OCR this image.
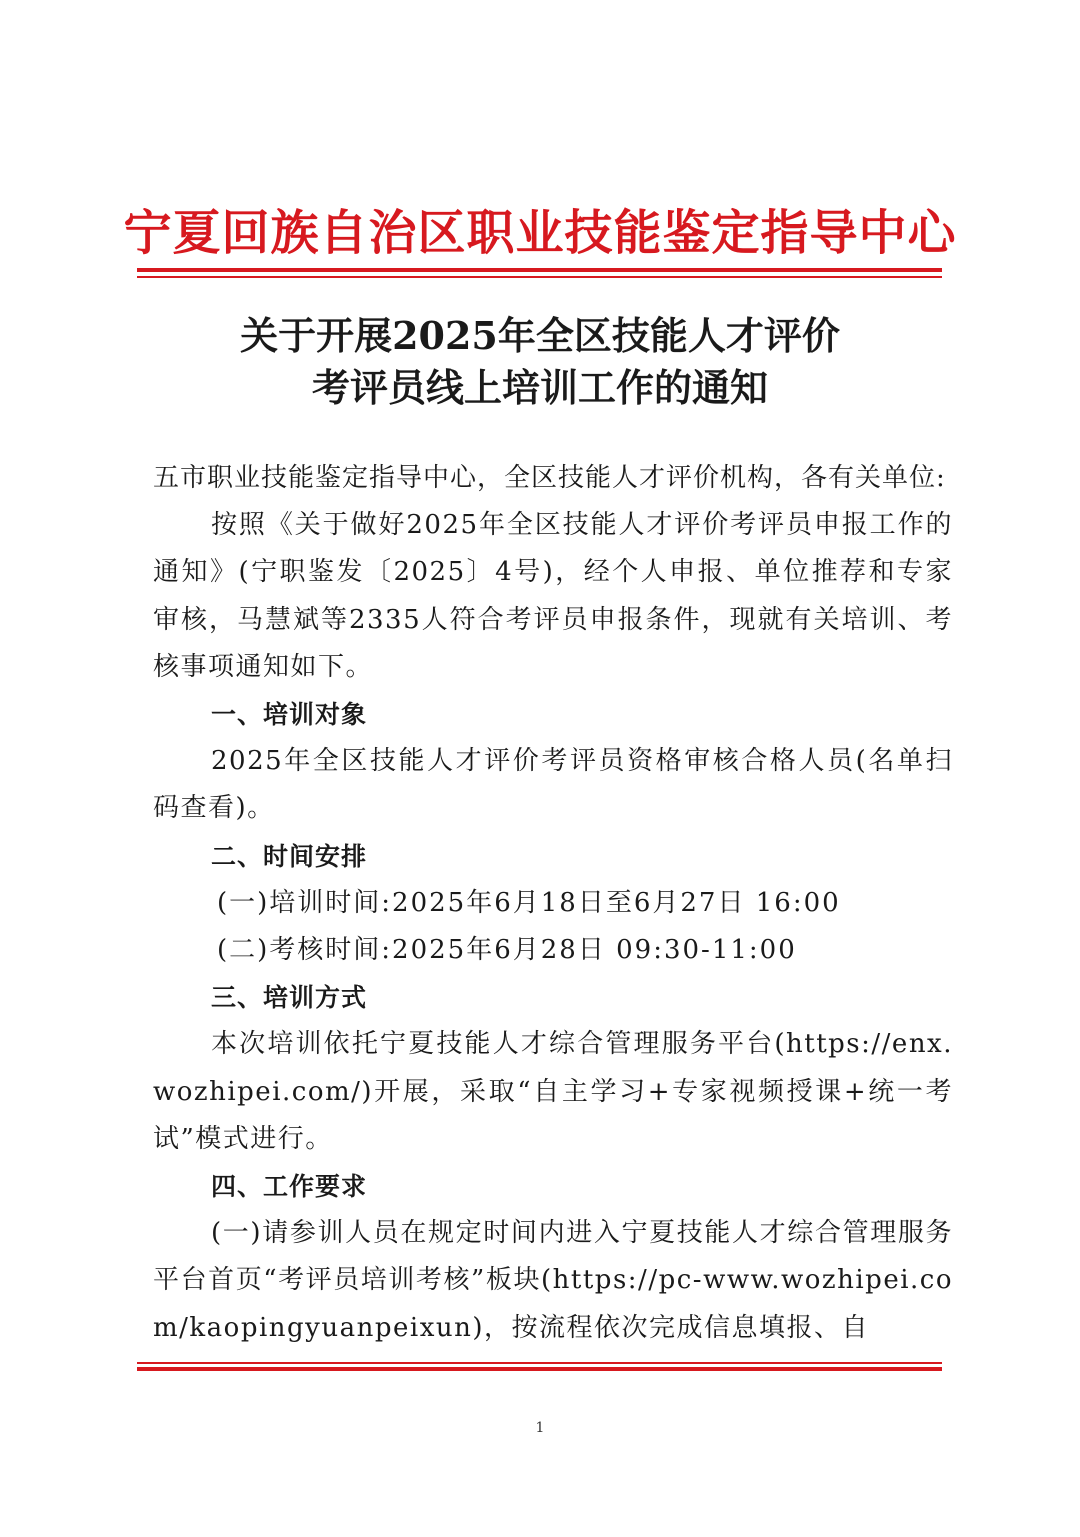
宁夏回族自治区职业技能鉴定指导中心
关于开展2025年全区技能人才评价
考评员线上培训工作的通知

五市职业技能鉴定指导中心，全区技能人才评价机构，各有关单位:

按照《关于做好2025年全区技能人才评价考评员申报工作的通知》(宁职鉴发〔2025〕4号)，经个人申报、单位推荐和专家审核，马慧斌等2335人符合考评员申报条件，现就有关培训、考核事项通知如下。

一、培训对象

2025年全区技能人才评价考评员资格审核合格人员(名单扫码查看)。

二、时间安排

(一)培训时间:2025年6月18日至6月27日 16:00

(二)考核时间:2025年6月28日 09:30-11:00

三、培训方式

本次培训依托宁夏技能人才综合管理服务平台(https://enx.wozhipei.com/)开展，采取“自主学习+专家视频授课+统一考试”模式进行。

四、工作要求

(一)请参训人员在规定时间内进入宁夏技能人才综合管理服务平台首页“考评员培训考核”板块(https://pc-www.wozhipei.com/kaopingyuanpeixun)，按流程依次完成信息填报、自

1
